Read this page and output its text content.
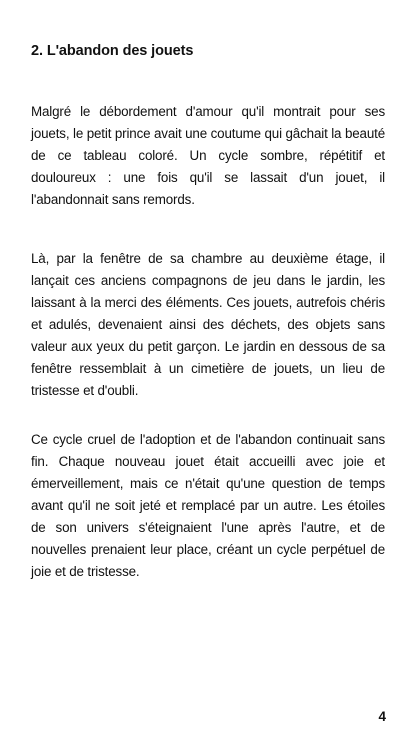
2. L'abandon des jouets

Malgré le débordement d'amour qu'il montrait pour ses jouets, le petit prince avait une coutume qui gâchait la beauté de ce tableau coloré. Un cycle sombre, répétitif et douloureux : une fois qu'il se lassait d'un jouet, il l'abandonnait sans remords.

Là, par la fenêtre de sa chambre au deuxième étage, il lançait ces anciens compagnons de jeu dans le jardin, les laissant à la merci des éléments. Ces jouets, autrefois chéris et adulés, devenaient ainsi des déchets, des objets sans valeur aux yeux du petit garçon. Le jardin en dessous de sa fenêtre ressemblait à un cimetière de jouets, un lieu de tristesse et d'oubli.

Ce cycle cruel de l'adoption et de l'abandon continuait sans fin. Chaque nouveau jouet était accueilli avec joie et émerveillement, mais ce n'était qu'une question de temps avant qu'il ne soit jeté et remplacé par un autre. Les étoiles de son univers s'éteignaient l'une après l'autre, et de nouvelles prenaient leur place, créant un cycle perpétuel de joie et de tristesse.

4
